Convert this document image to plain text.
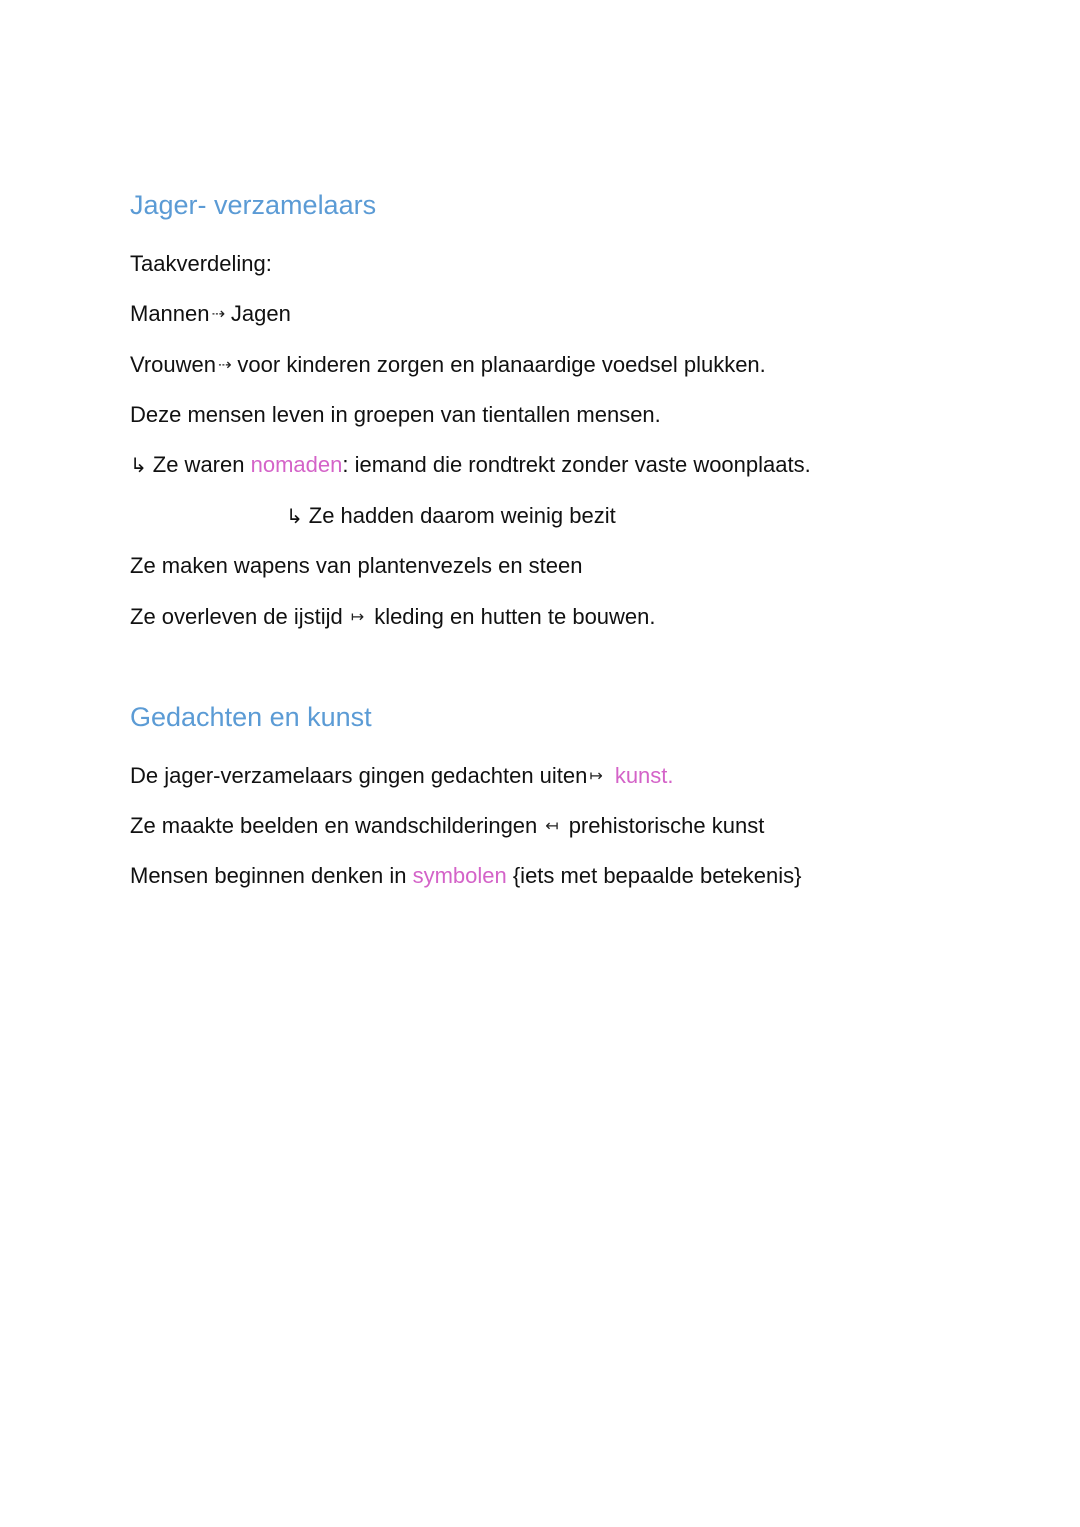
Jager- verzamelaars
Taakverdeling:
Mannen ⇢ Jagen
Vrouwen ⇢ voor kinderen zorgen en planaardige voedsel plukken.
Deze mensen leven in groepen van tientallen mensen.
↳ Ze waren nomaden: iemand die rondtrekt zonder vaste woonplaats.
↳ Ze hadden daarom weinig bezit
Ze maken wapens van plantenvezels en steen
Ze overleven de ijstijd ↦ kleding en hutten te bouwen.
Gedachten en kunst
De jager-verzamelaars gingen gedachten uiten ↦ kunst.
Ze maakte beelden en wandschilderingen ↤ prehistorische kunst
Mensen beginnen denken in symbolen {iets met bepaalde betekenis}
